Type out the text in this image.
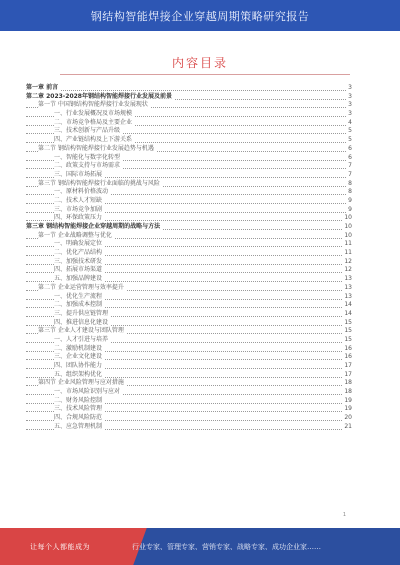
钢结构智能焊接企业穿越周期策略研究报告
内容目录
第一章 前言	3
第二章 2023-2028年钢结构智能焊接行业发展及前景	3
第一节 中国钢结构智能焊接行业发展现状	3
一、行业发展概况及市场规模	3
二、市场竞争格局及主要企业	4
三、技术创新与产品升级	5
四、产业链结构及上下游关系	5
第二节 钢结构智能焊接行业发展趋势与机遇	6
一、智能化与数字化转型	6
二、政策支持与市场需求	7
三、国际市场拓展	7
第三节 钢结构智能焊接行业面临的挑战与风险	8
一、原材料价格波动	8
二、技术人才短缺	9
三、市场竞争加剧	9
四、环保政策压力	10
第三章 钢结构智能焊接企业穿越周期的战略与方法	10
第一节 企业战略调整与优化	10
一、明确发展定位	11
二、优化产品结构	11
三、加强技术研发	12
四、拓展市场渠道	12
五、加强品牌建设	13
第二节 企业运营管理与效率提升	13
一、优化生产流程	13
二、加强成本控制	14
三、提升供应链管理	14
四、推进信息化建设	15
第三节 企业人才建设与团队管理	15
一、人才引进与培养	15
二、激励机制建设	16
三、企业文化建设	16
四、团队协作能力	17
五、组织架构优化	17
第四节 企业风险管理与应对措施	18
一、市场风险识别与应对	18
二、财务风险控制	19
三、技术风险管理	19
四、合规风险防范	20
五、应急管理机制	21
1
让每个人都能成为	行业专家、管理专家、营销专家、战略专家、成功企业家……
